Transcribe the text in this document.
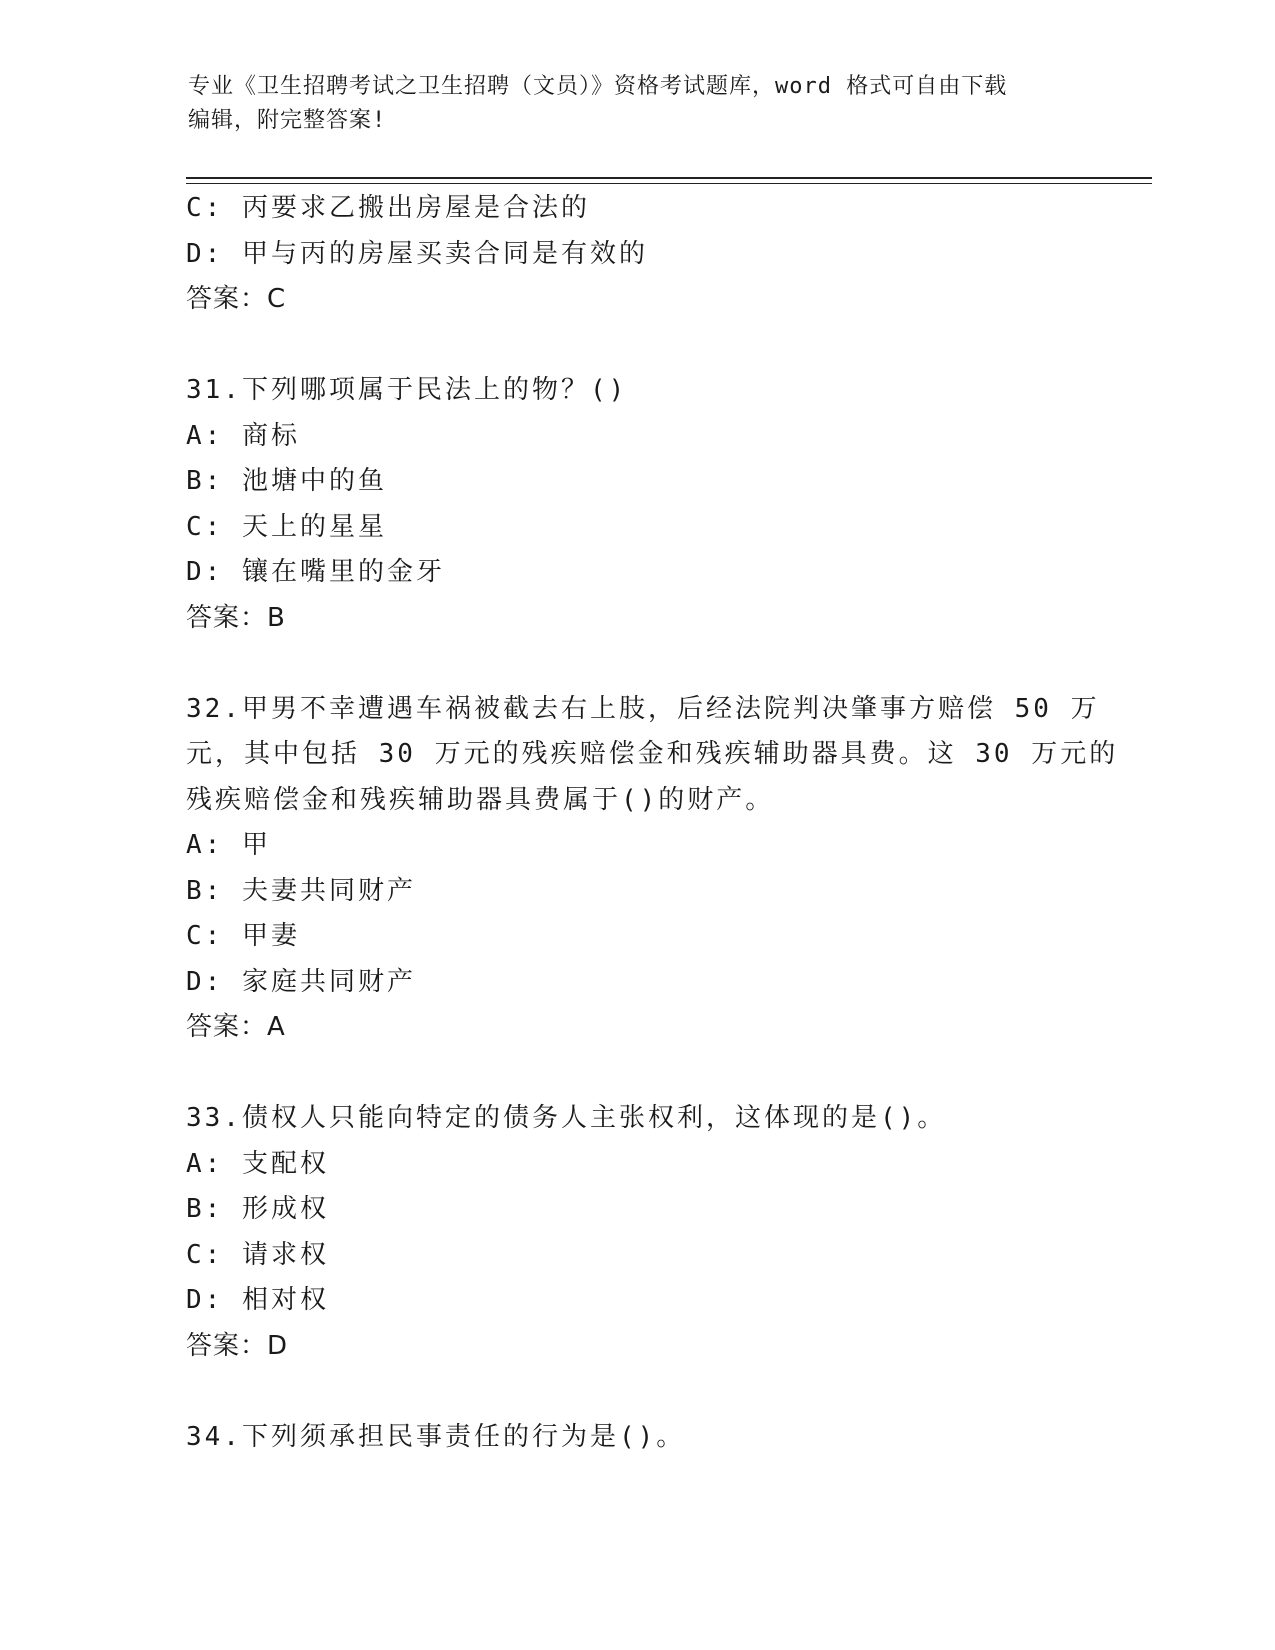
专业《卫生招聘考试之卫生招聘（文员）》资格考试题库，word 格式可自由下载
编辑，附完整答案!
C: 丙要求乙搬出房屋是合法的
D: 甲与丙的房屋买卖合同是有效的
答案：C
31.下列哪项属于民法上的物？()
A: 商标
B: 池塘中的鱼
C: 天上的星星
D: 镶在嘴里的金牙
答案：B
32.甲男不幸遭遇车祸被截去右上肢，后经法院判决肇事方赔偿 50 万
元，其中包括 30 万元的残疾赔偿金和残疾辅助器具费。这 30 万元的
残疾赔偿金和残疾辅助器具费属于()的财产。
A: 甲
B: 夫妻共同财产
C: 甲妻
D: 家庭共同财产
答案：A
33.债权人只能向特定的债务人主张权利，这体现的是()。
A: 支配权
B: 形成权
C: 请求权
D: 相对权
答案：D
34.下列须承担民事责任的行为是()。
